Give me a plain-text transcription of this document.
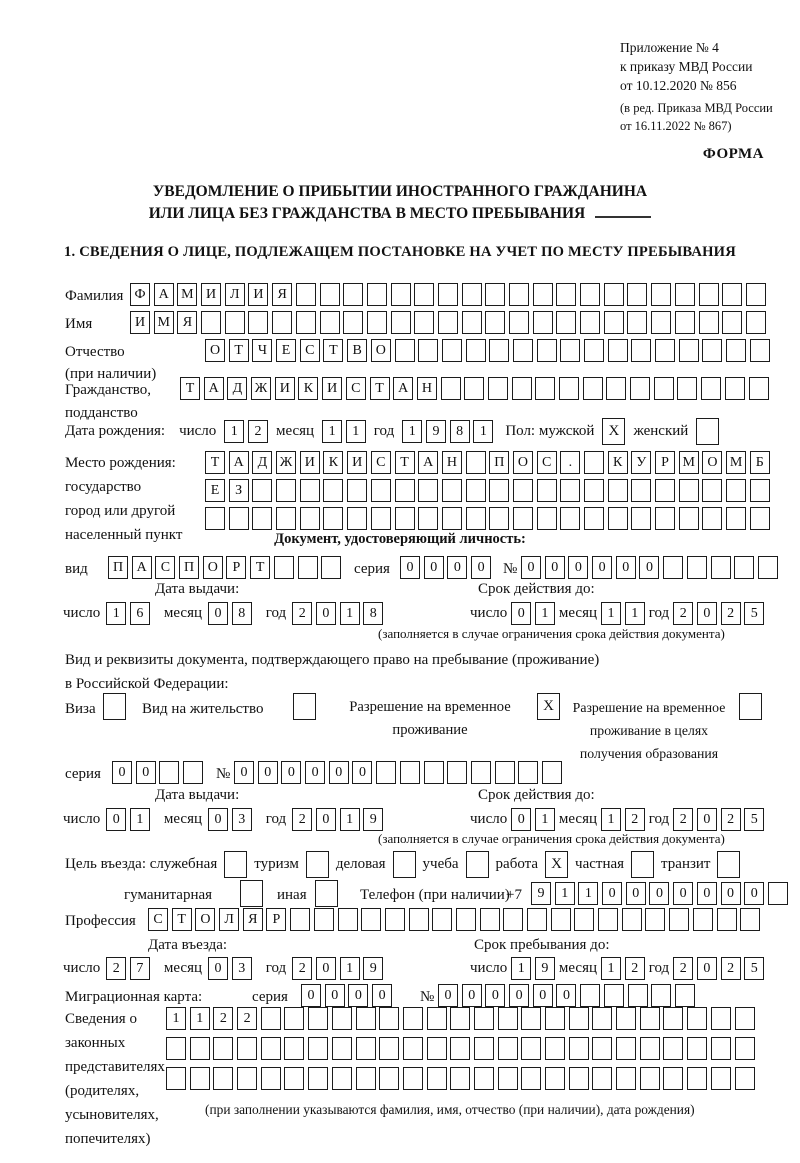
Приложение № 4
к приказу МВД России
от 10.12.2020 № 856
(в ред. Приказа МВД России
от 16.11.2022 № 867)
ФОРМА
УВЕДОМЛЕНИЕ О ПРИБЫТИИ ИНОСТРАННОГО ГРАЖДАНИНА
ИЛИ ЛИЦА БЕЗ ГРАЖДАНСТВА В МЕСТО ПРЕБЫВАНИЯ
1. СВЕДЕНИЯ О ЛИЦЕ, ПОДЛЕЖАЩЕМ ПОСТАНОВКЕ НА УЧЕТ ПО МЕСТУ ПРЕБЫВАНИЯ
Фамилия Ф А М И Л И Я
Имя	И М Я
Отчество
(при наличии)
О	Т	Ч	Е	С	Т	В О
Гражданство,
подданство
Т	А Д Ж И К И С	Т	А Н
Дата рождения: число	1	2 месяц	1	1 год	1	9	8	1	Пол: мужской X женский
Место рождения:
государство
город или другой
населенный пункт
Т	А Д Ж И К И С	Т	А Н	П О С	.	К	У	Р М О М Б
Е	З
Документ, удостоверяющий личность:
вид	П А С П О	Р	Т	серия	0	0	0	0	№ 0	0	0	0	0	0
Дата выдачи:	Срок действия до:
число 1	6	месяц 0	8	год 2	0	1	8	число 0	1 месяц 1	1 год 2	0	2	5
(заполняется в случае ограничения срока действия документа)
Вид и реквизиты документа, подтверждающего право на пребывание (проживание)
в Российской Федерации:
Виза	Вид на жительство	Разрешение на временное
проживание
X	Разрешение на временное
проживание в целях
получения образования
серия	0	0	№ 0	0	0	0	0	0
Дата выдачи:	Срок действия до:
число 0	1	месяц 0	3	год 2	0	1	9	число 0	1 месяц 1	2 год 2	0	2	5
(заполняется в случае ограничения срока действия документа)
Цель въезда: служебная туризм деловая учеба работа X частная транзит
гуманитарная	иная	Телефон (при наличии)
+7	9	1	1	0	0	0	0	0	0	0
Профессия	С	Т	О Л	Я	Р
Дата въезда:	Срок пребывания до:
число 2	7	месяц 0	3	год 2	0	1	9	число 1	9 месяц 1	2 год 2	0	2	5
Миграционная карта:	серия	0	0	0	0	№ 0	0	0	0	0	0
Сведения о
законных
представителях
(родителях,
усыновителях,
попечителях)
1	1	2	2
(при заполнении указываются фамилия, имя, отчество (при наличии), дата рождения)
